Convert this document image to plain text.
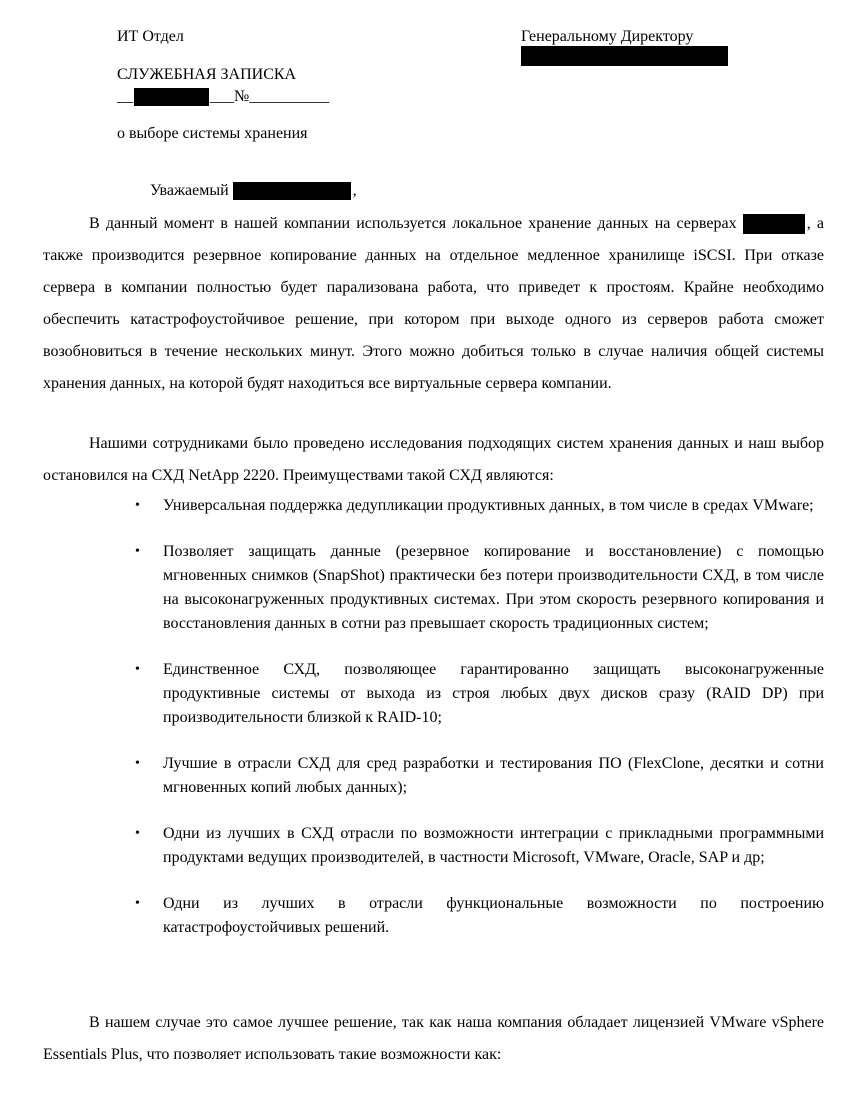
ИТ Отдел	Генеральному Директору
СЛУЖЕБНАЯ ЗАПИСКА
__	___№__________
о выборе системы хранения
Уважаемый	,
В данный момент в нашей компании используется локальное хранение данных на серверах	, а также производится резервное копирование данных на отдельное медленное хранилище iSCSI. При отказе сервера в компании полностью будет парализована работа, что приведет к простоям. Крайне необходимо обеспечить катастрофоустойчивое решение, при котором при выходе одного из серверов работа сможет возобновиться в течение нескольких минут. Этого можно добиться только в случае наличия общей системы хранения данных, на которой будят находиться все виртуальные сервера компании.
Нашими сотрудниками было проведено исследования подходящих систем хранения данных и наш выбор остановился на СХД NetApp 2220. Преимуществами такой СХД являются:
• Универсальная поддержка дедупликации продуктивных данных, в том числе в средах VMware;
• Позволяет защищать данные (резервное копирование и восстановление) с помощью мгновенных снимков (SnapShot) практически без потери производительности СХД, в том числе на высоконагруженных продуктивных системах. При этом скорость резервного копирования и восстановления данных в сотни раз превышает скорость традиционных систем;
• Единственное СХД, позволяющее гарантированно защищать высоконагруженные продуктивные системы от выхода из строя любых двух дисков сразу (RAID DP) при производительности близкой к RAID-10;
• Лучшие в отрасли СХД для сред разработки и тестирования ПО (FlexClone, десятки и сотни мгновенных копий любых данных);
• Одни из лучших в СХД отрасли по возможности интеграции с прикладными программными продуктами ведущих производителей, в частности Microsoft, VMware, Oracle, SAP и др;
• Одни из лучших в отрасли функциональные возможности по построению катастрофоустойчивых решений.
В нашем случае это самое лучшее решение, так как наша компания обладает лицензией VMware vSphere Essentials Plus, что позволяет использовать такие возможности как:
